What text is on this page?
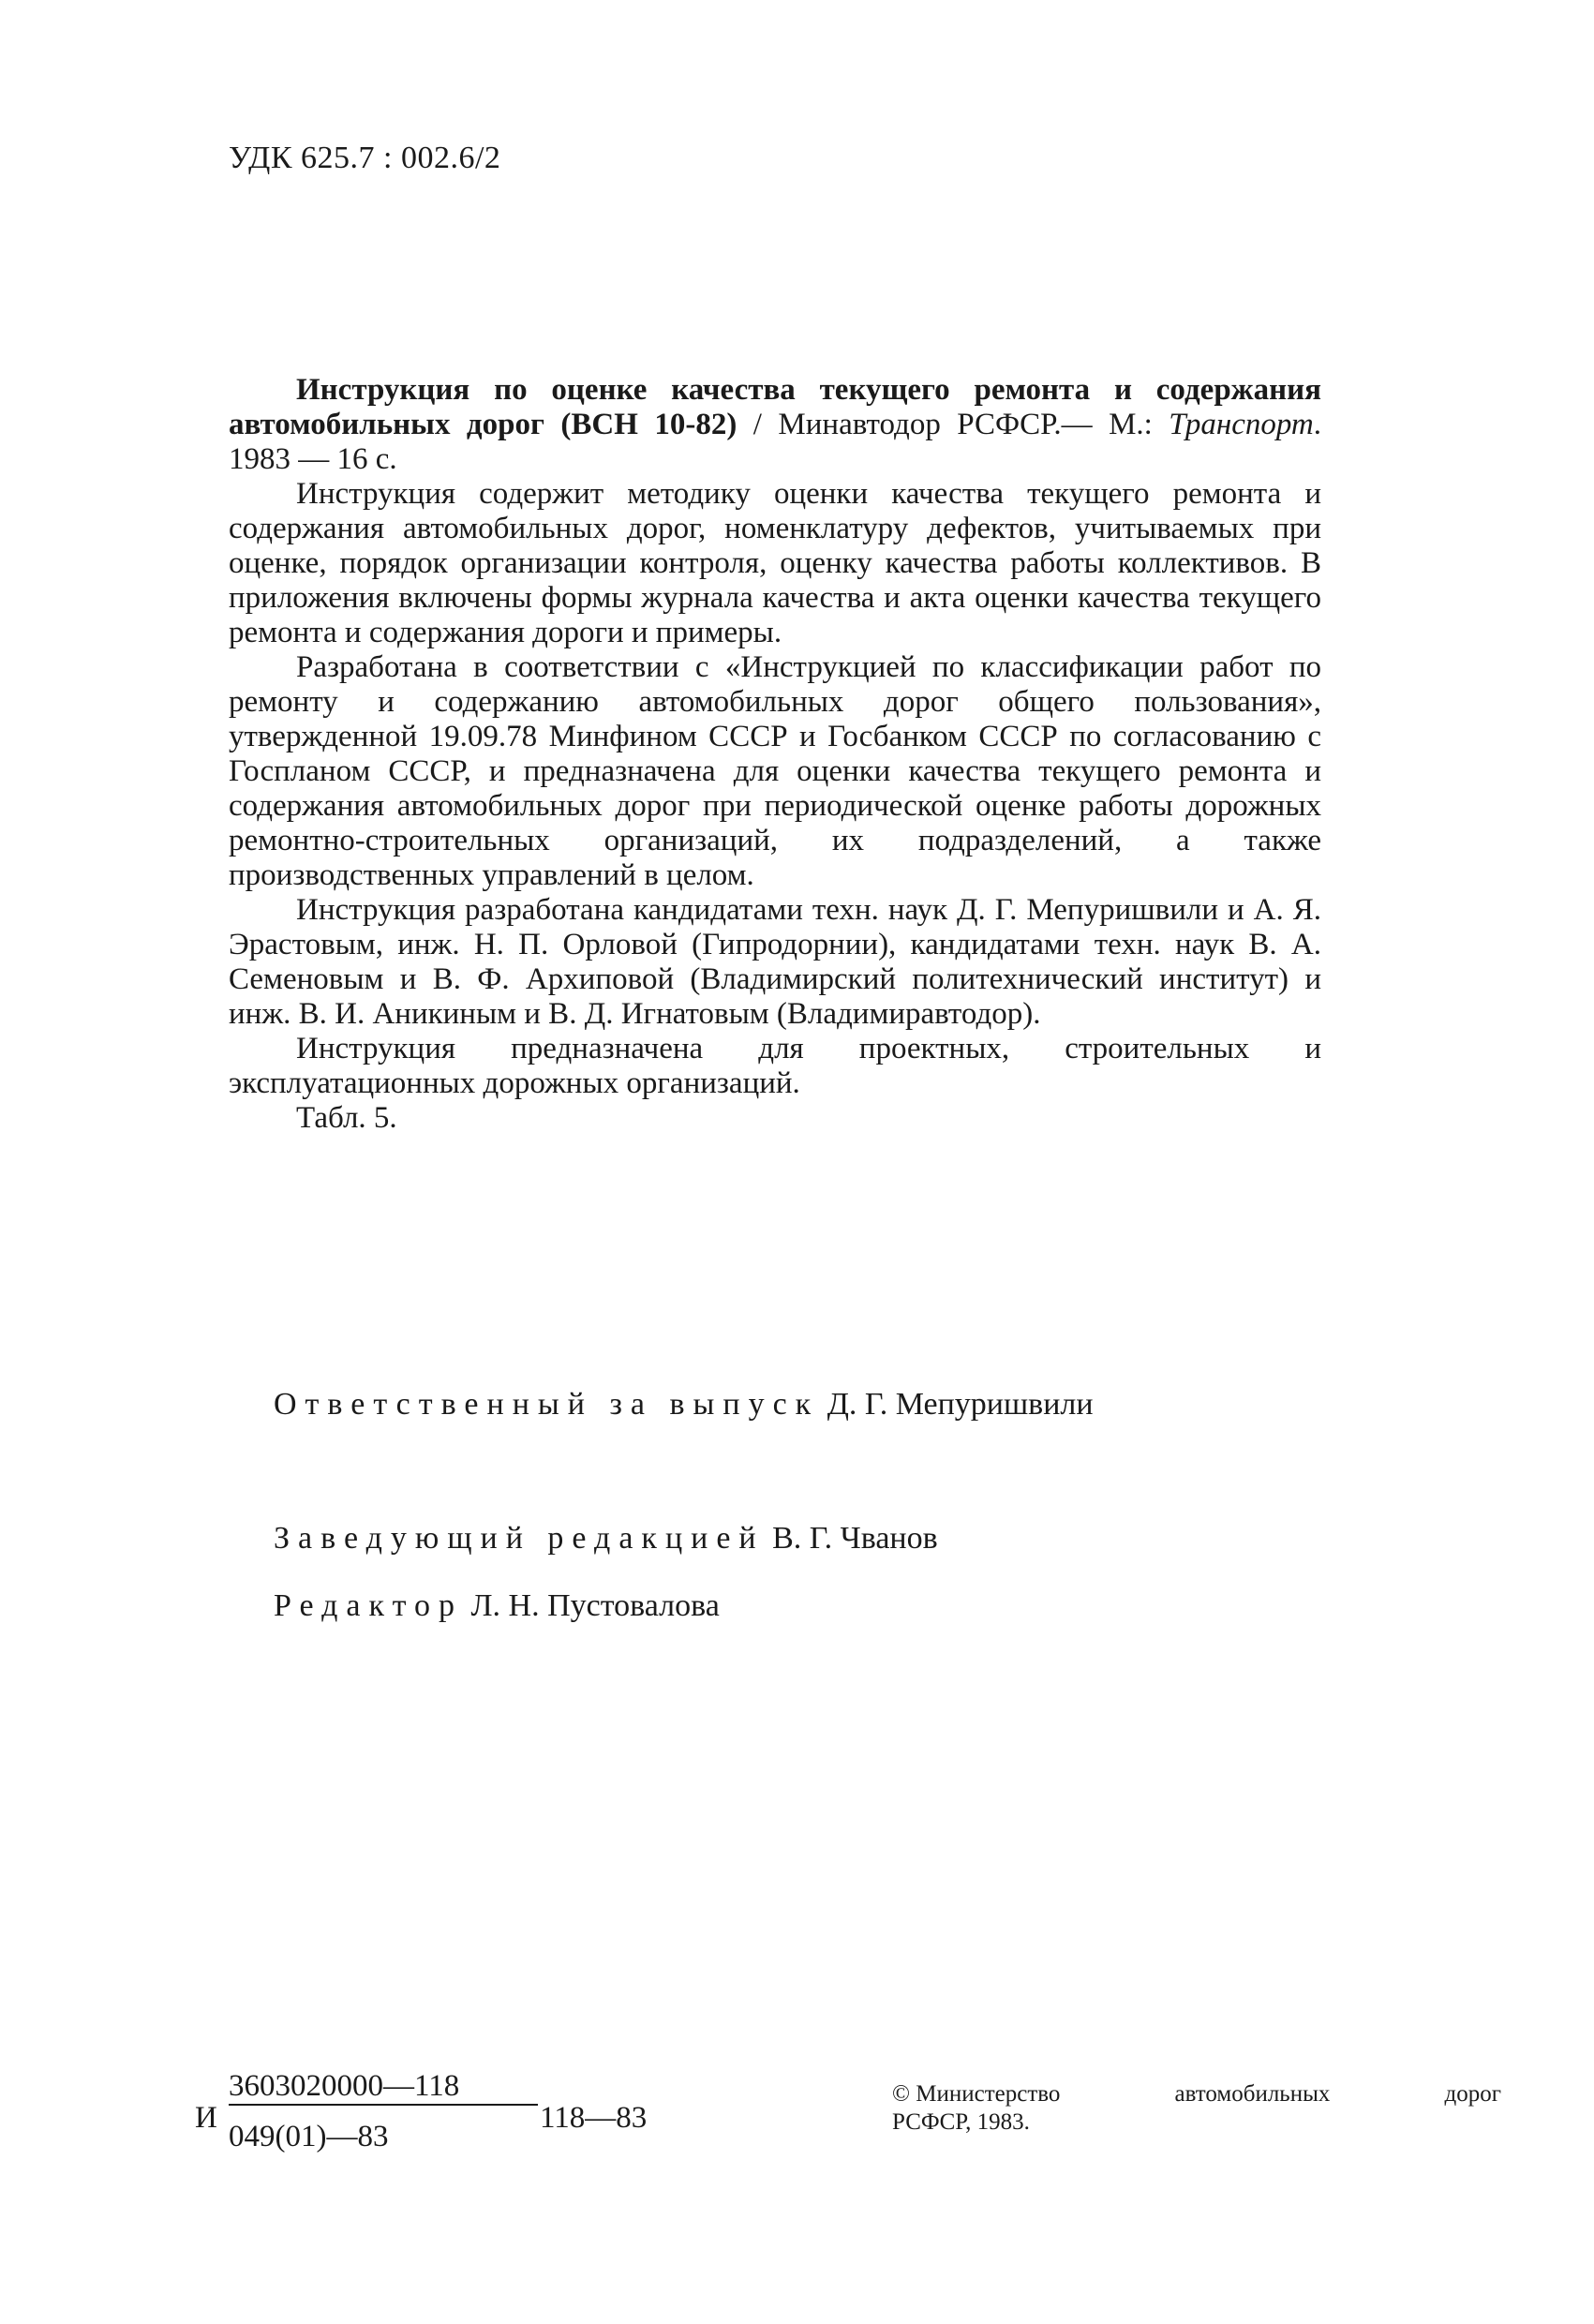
УДК 625.7 : 002.6/2

Инструкция по оценке качества текущего ремонта и содержания автомобильных дорог (ВСН 10-82) / Минавтодор РСФСР.— М.: Транспорт. 1983 — 16 с.

Инструкция содержит методику оценки качества текущего ремонта и содержания автомобильных дорог, номенклатуру дефектов, учитываемых при оценке, порядок организации контроля, оценку качества работы коллективов. В приложения включены формы журнала качества и акта оценки качества текущего ремонта и содержания дороги и примеры.

Разработана в соответствии с «Инструкцией по классификации работ по ремонту и содержанию автомобильных дорог общего пользования», утвержденной 19.09.78 Минфином СССР и Госбанком СССР по согласованию с Госпланом СССР, и предназначена для оценки качества текущего ремонта и содержания автомобильных дорог при периодической оценке работы дорожных ремонтно-строительных организаций, их подразделений, а также производственных управлений в целом.

Инструкция разработана кандидатами техн. наук Д. Г. Мепуришвили и А. Я. Эрастовым, инж. Н. П. Орловой (Гипродорнии), кандидатами техн. наук В. А. Семеновым и В. Ф. Архиповой (Владимирский политехнический институт) и инж. В. И. Аникиным и В. Д. Игнатовым (Владимиравтодор).

Инструкция предназначена для проектных, строительных и эксплуатационных дорожных организаций.

Табл. 5.

Ответственный за выпуск Д. Г. Мепуришвили
Заведующий редакцией В. Г. Чванов
Редактор Л. Н. Пустовалова
И
3603020000—118
049(01)—83
118—83
© Министерство	автомобильных	дорог
РСФСР, 1983.
